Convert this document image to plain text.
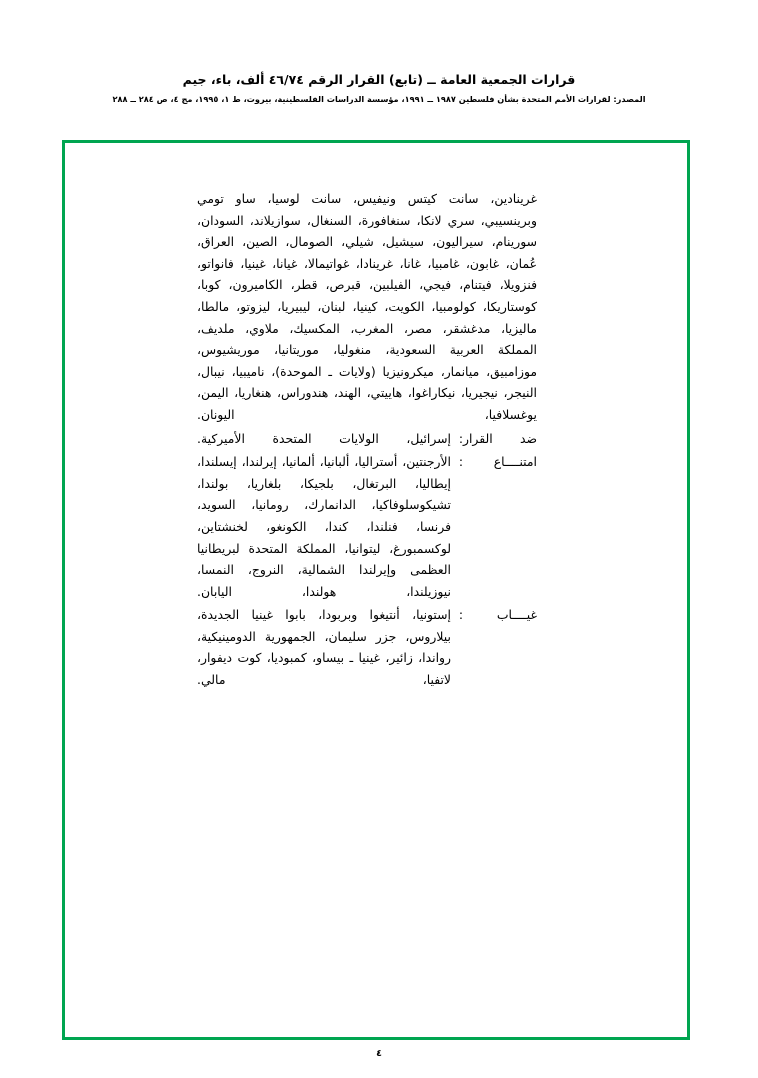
قرارات الجمعية العامة ــ (تابع) القرار الرقم ٤٦/٧٤ ألف، باء، جيم
المصدر: لقرارات الأمم المتحدة بشأن فلسطين ١٩٨٧ ــ ١٩٩١، مؤسسة الدراسات الفلسطينية، بيروت، ط ١، ١٩٩٥، مج ٤، ص ٢٨٤ ــ ٢٨٨
غرينادين، سانت كيتس ونيفيس، سانت لوسيا، ساو تومي وبرينسيبي، سري لانكا، سنغافورة، السنغال، سوازيلاند، السودان، سورينام، سيراليون، سيشيل، شيلي، الصومال، الصين، العراق، عُمان، غابون، غامبيا، غانا، غرينادا، غواتيمالا، غيانا، غينيا، فانواتو، فنزويلا، فيتنام، فيجي، الفيلبين، قبرص، قطر، الكاميرون، كوبا، كوستاريكا، كولومبيا، الكويت، كينيا، لبنان، ليبيريا، ليزوتو، مالطا، ماليزيا، مدغشقر، مصر، المغرب، المكسيك، ملاوي، ملديف، المملكة العربية السعودية، منغوليا، موريتانيا، موريشيوس، موزامبيق، ميانمار، ميكرونيزيا (ولايات ـ الموحدة)، ناميبيا، نيبال، النيجر، نيجيريا، نيكاراغوا، هاييتي، الهند، هندوراس، هنغاريا، اليمن، يوغسلافيا، اليونان.
ضد القرار
:
إسرائيل، الولايات المتحدة الأميركية.
امتنــــاع
:
الأرجنتين، أستراليا، ألبانيا، ألمانيا، إيرلندا، إيسلندا، إيطاليا، البرتغال، بلجيكا، بلغاريا، بولندا، تشيكوسلوفاكيا، الدانمارك، رومانيا، السويد، فرنسا، فنلندا، كندا، الكونغو، لخنشتاين، لوكسمبورغ، ليتوانيا، المملكة المتحدة لبريطانيا العظمى وإيرلندا الشمالية، النروج، النمسا، نيوزيلندا، هولندا، اليابان.
غيــــاب
:
إستونيا، أنتيغوا وبربودا، بابوا غينيا الجديدة، بيلاروس، جزر سليمان، الجمهورية الدومينيكية، رواندا، زائير، غينيا ـ بيساو، كمبوديا، كوت ديفوار، لاتفيا، مالي.
٤
